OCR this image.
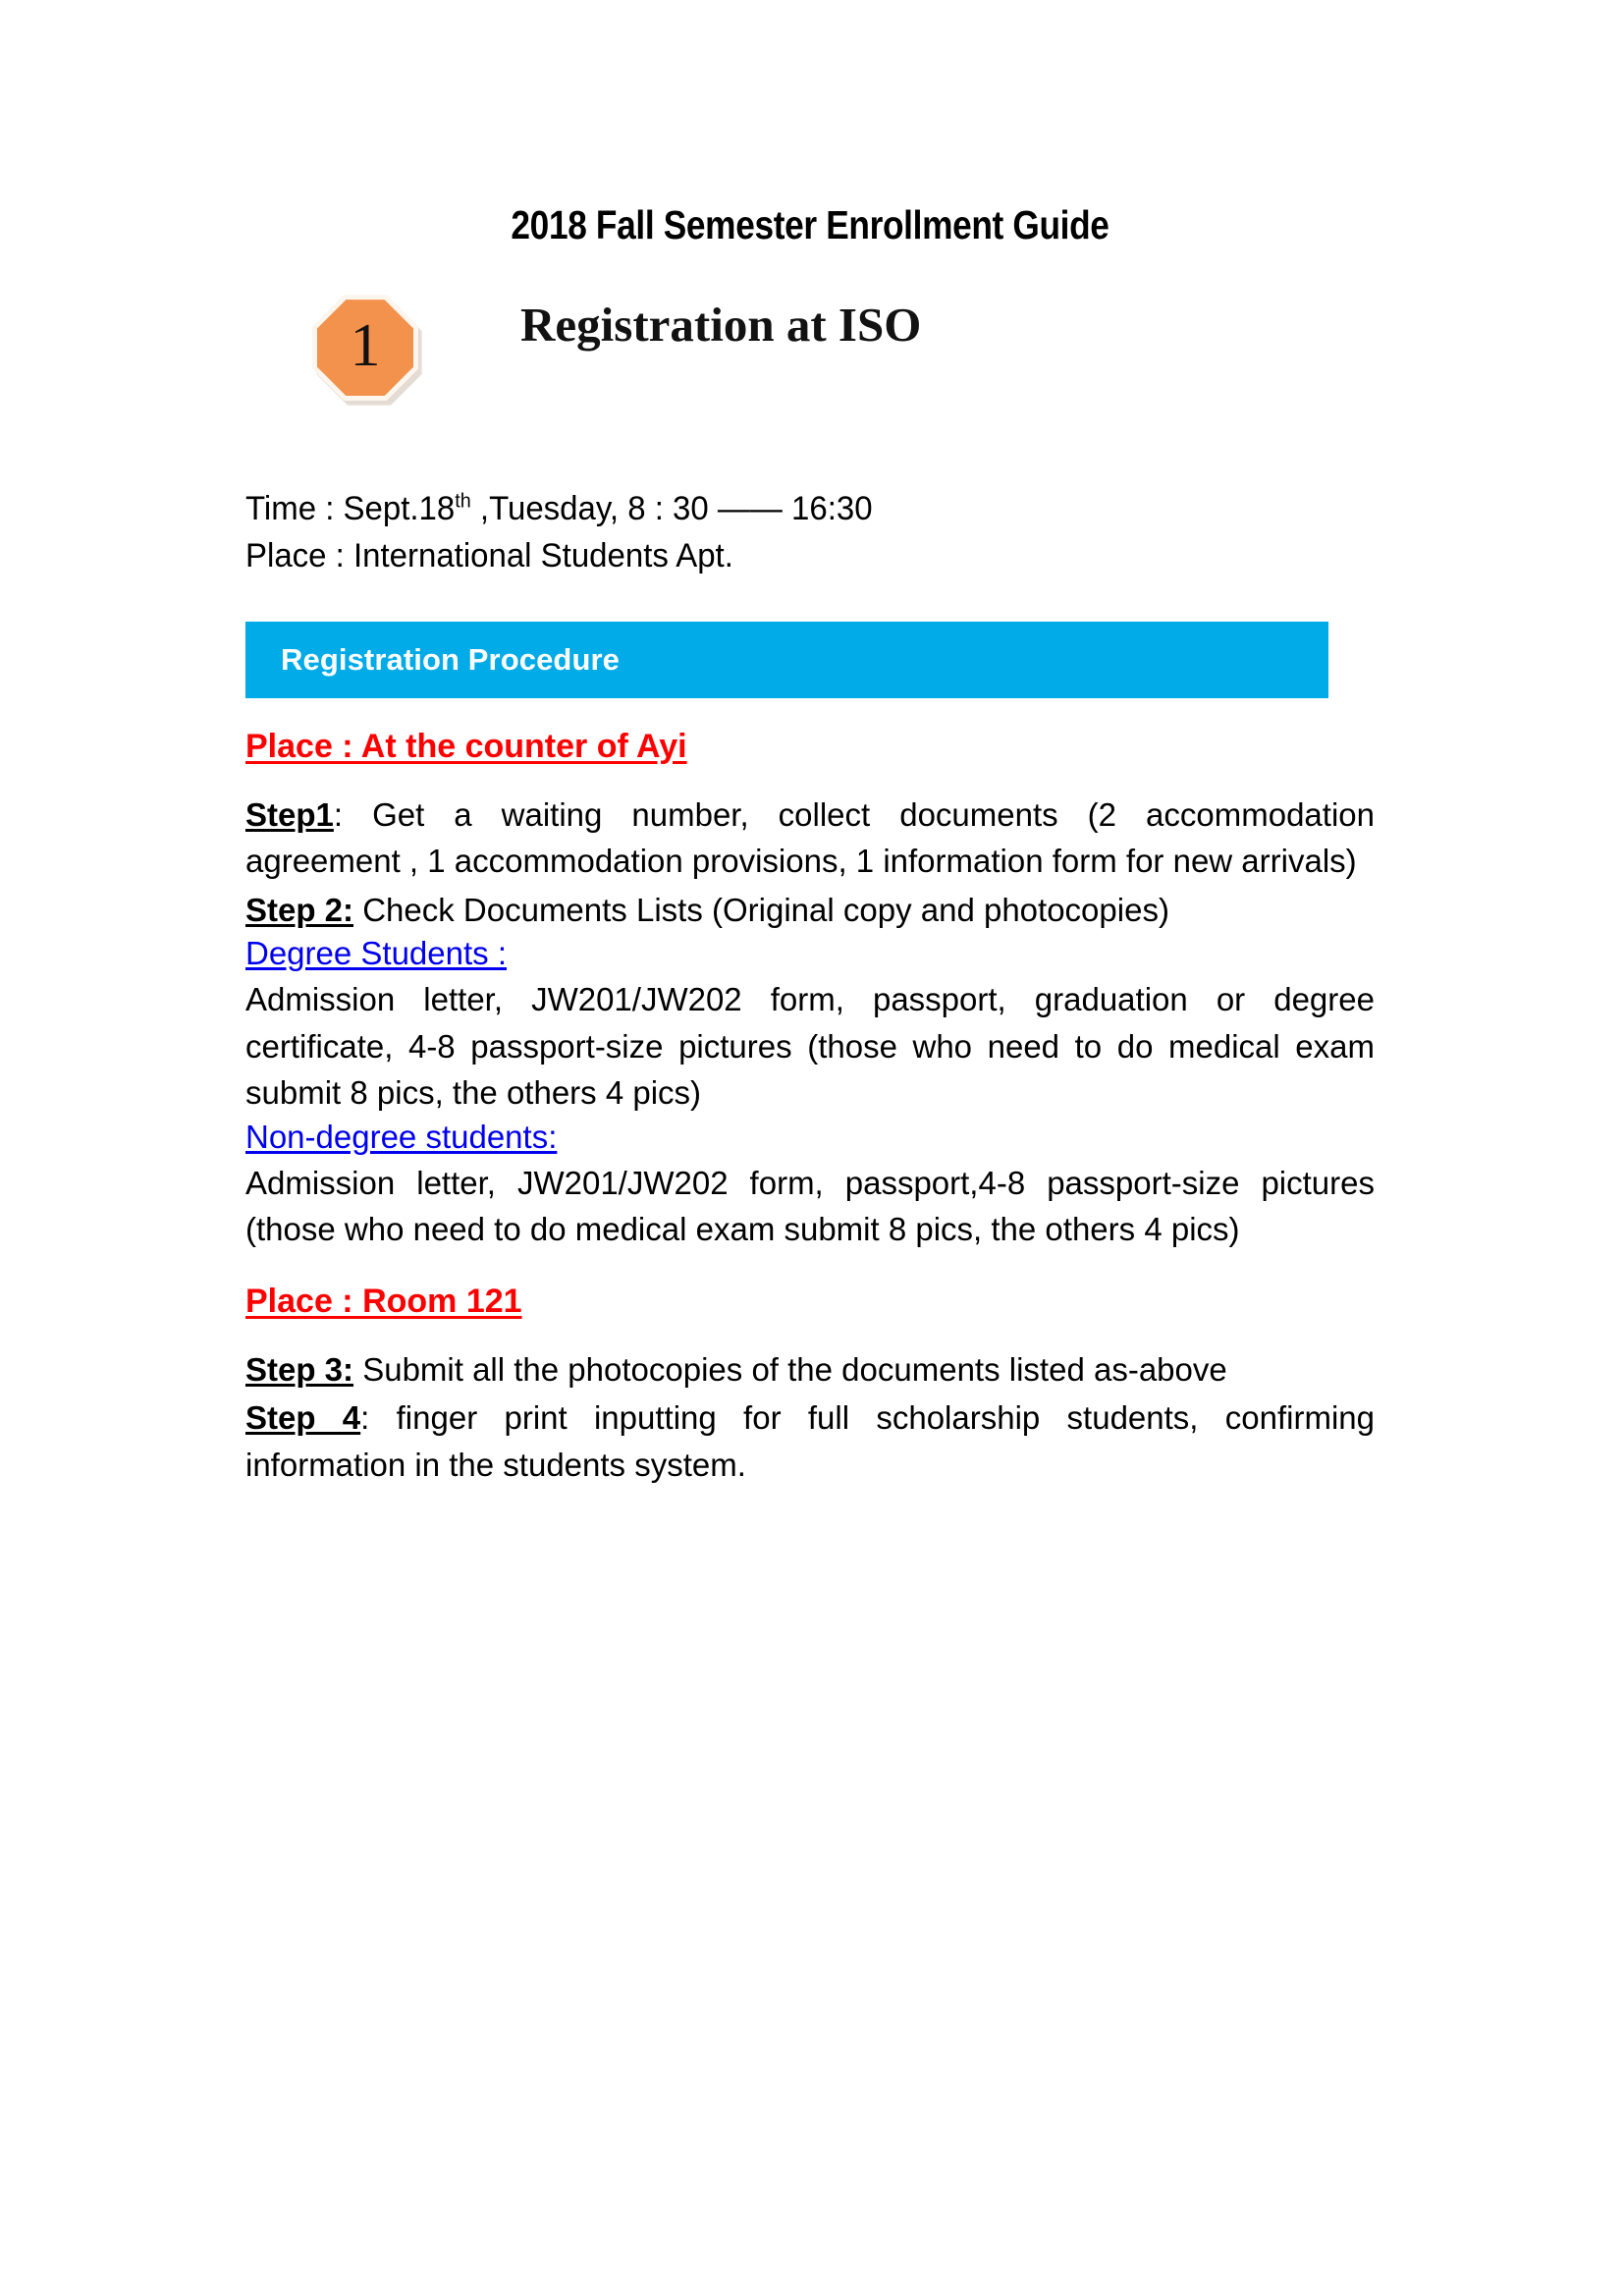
2018 Fall Semester Enrollment Guide
1	Registration at ISO

Time : Sept.18th ,Tuesday, 8 : 30 —— 16:30

Place : International Students Apt.

Registration Procedure
Place : At the counter of Ayi

Step1: Get a waiting number, collect documents (2 accommodation agreement , 1 accommodation provisions, 1 information form for new arrivals)

Step 2: Check Documents Lists (Original copy and photocopies)

Degree Students :

Admission letter, JW201/JW202 form, passport, graduation or degree certificate, 4-8 passport-size pictures (those who need to do medical exam submit 8 pics, the others 4 pics)

Non-degree students:

Admission letter, JW201/JW202 form, passport,4-8 passport-size pictures (those who need to do medical exam submit 8 pics, the others 4 pics)

Place : Room 121

Step 3: Submit all the photocopies of the documents listed as-above

Step 4: finger print inputting for full scholarship students, confirming information in the students system.
